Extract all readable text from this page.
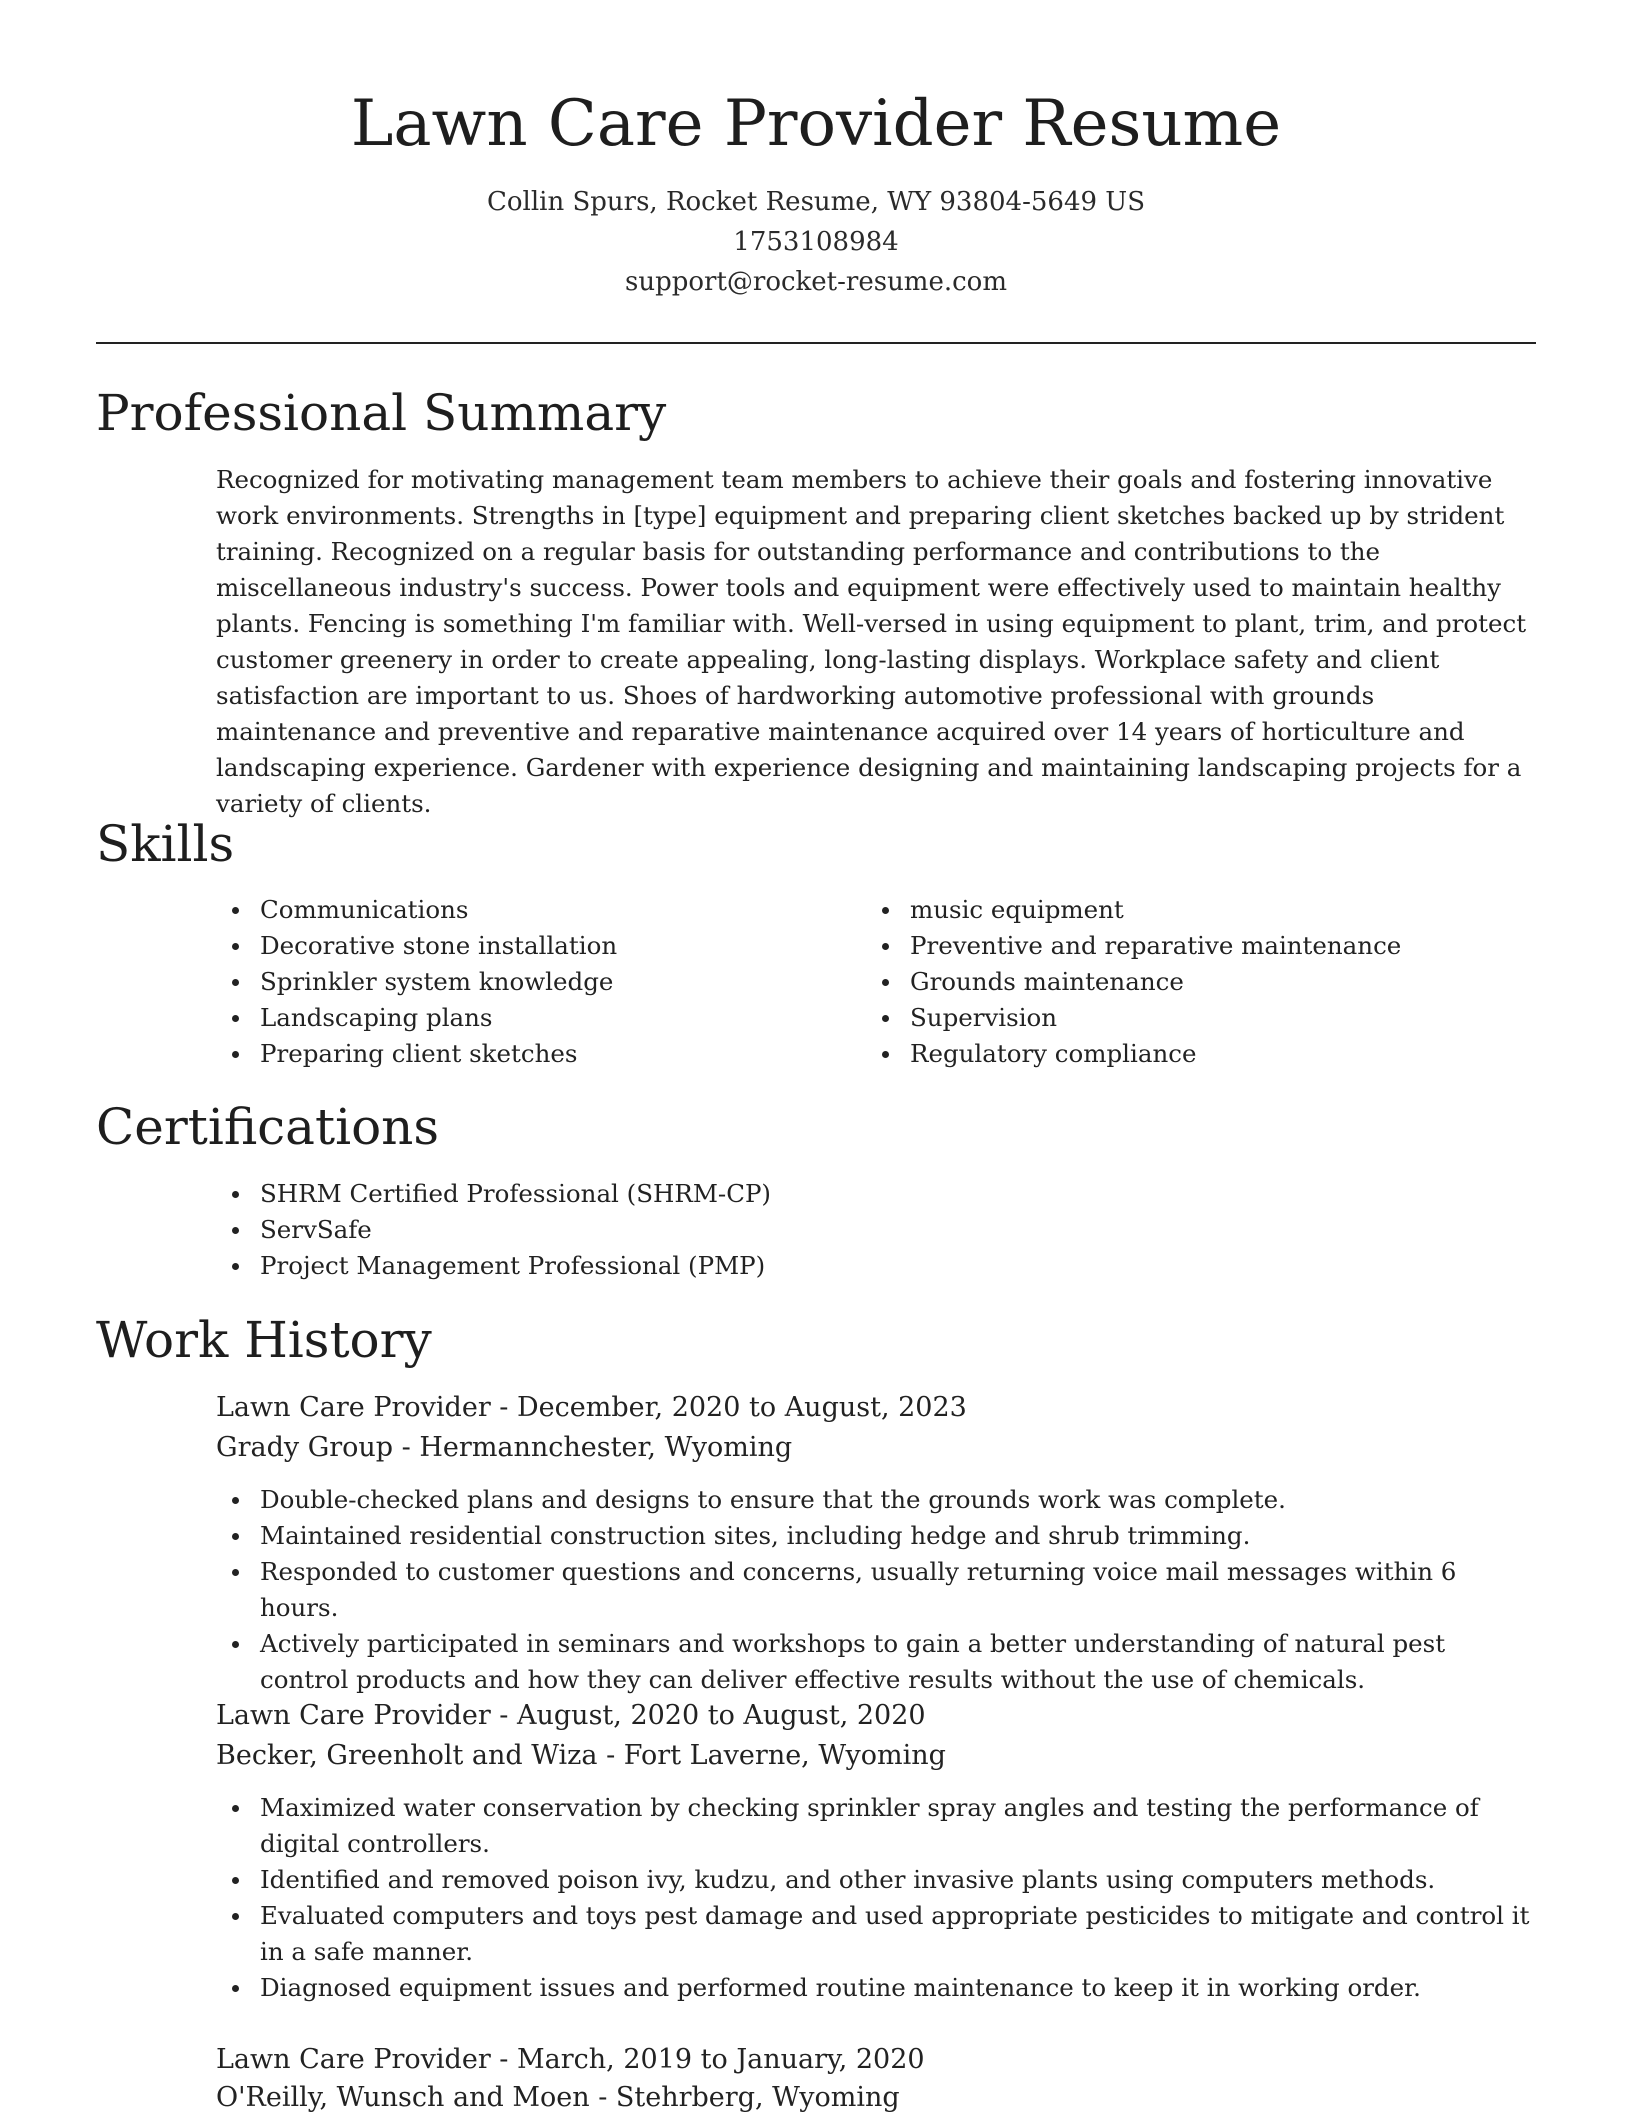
Lawn Care Provider Resume
Collin Spurs, Rocket Resume, WY 93804-5649 US
1753108984
support@rocket-resume.com
Professional Summary
Recognized for motivating management team members to achieve their goals and fostering innovative work environments. Strengths in [type] equipment and preparing client sketches backed up by strident training. Recognized on a regular basis for outstanding performance and contributions to the miscellaneous industry's success. Power tools and equipment were effectively used to maintain healthy plants. Fencing is something I'm familiar with. Well-versed in using equipment to plant, trim, and protect customer greenery in order to create appealing, long-lasting displays. Workplace safety and client satisfaction are important to us. Shoes of hardworking automotive professional with grounds maintenance and preventive and reparative maintenance acquired over 14 years of horticulture and landscaping experience. Gardener with experience designing and maintaining landscaping projects for a variety of clients.
Skills
Communications
Decorative stone installation
Sprinkler system knowledge
Landscaping plans
Preparing client sketches
music equipment
Preventive and reparative maintenance
Grounds maintenance
Supervision
Regulatory compliance
Certifications
SHRM Certified Professional (SHRM-CP)
ServSafe
Project Management Professional (PMP)
Work History
Lawn Care Provider - December, 2020 to August, 2023
Grady Group - Hermannchester, Wyoming
Double-checked plans and designs to ensure that the grounds work was complete.
Maintained residential construction sites, including hedge and shrub trimming.
Responded to customer questions and concerns, usually returning voice mail messages within 6 hours.
Actively participated in seminars and workshops to gain a better understanding of natural pest control products and how they can deliver effective results without the use of chemicals.
Lawn Care Provider - August, 2020 to August, 2020
Becker, Greenholt and Wiza - Fort Laverne, Wyoming
Maximized water conservation by checking sprinkler spray angles and testing the performance of digital controllers.
Identified and removed poison ivy, kudzu, and other invasive plants using computers methods.
Evaluated computers and toys pest damage and used appropriate pesticides to mitigate and control it in a safe manner.
Diagnosed equipment issues and performed routine maintenance to keep it in working order.
Lawn Care Provider - March, 2019 to January, 2020
O'Reilly, Wunsch and Moen - Stehrberg, Wyoming
